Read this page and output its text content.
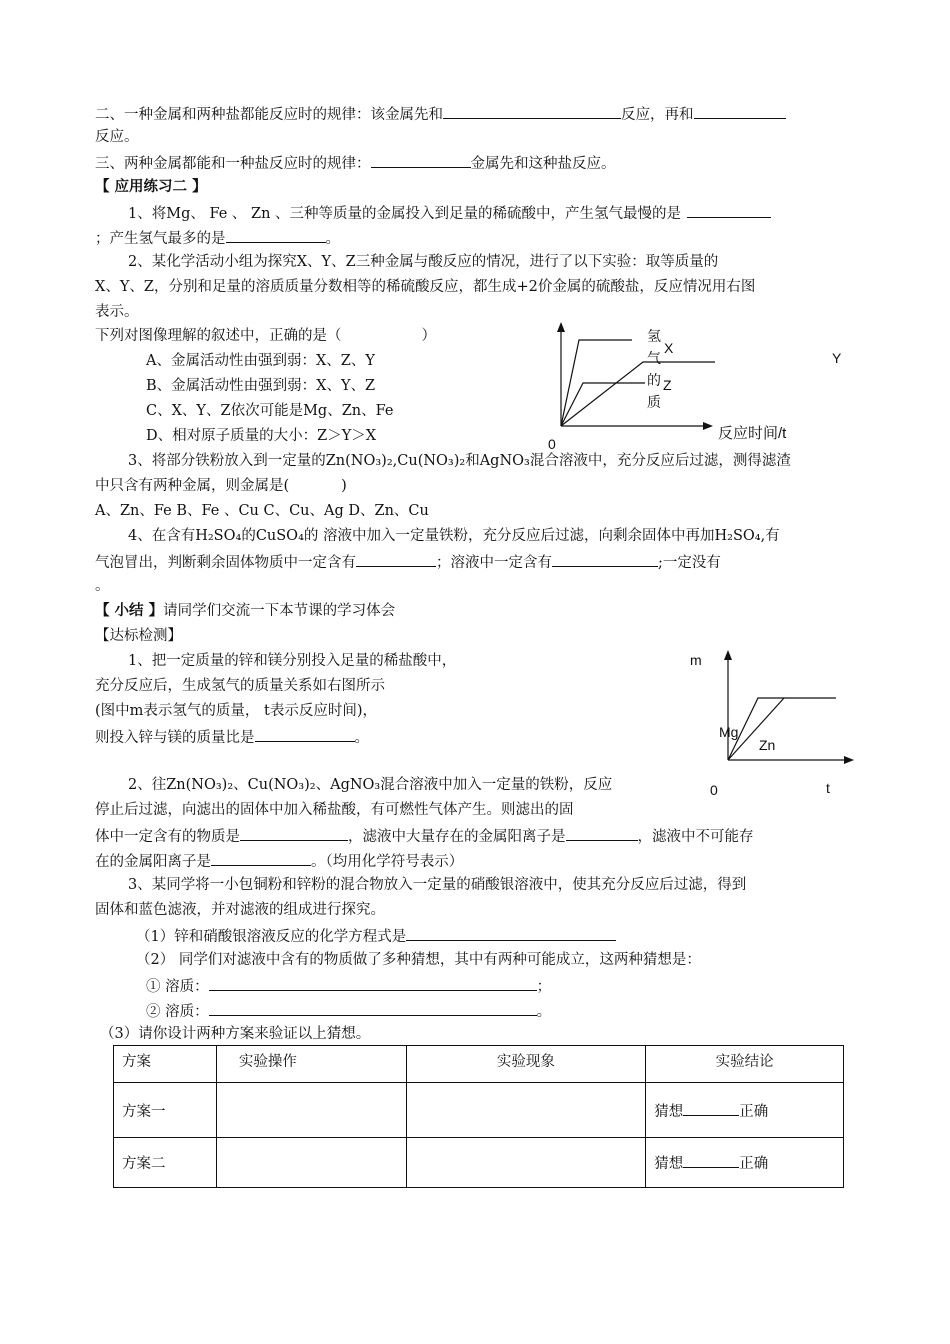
二、一种金属和两种盐都能反应时的规律：该金属先和	反应，再和
反应。
三、两种金属都能和一种盐反应时的规律：	金属先和这种盐反应。
【 应用练习二 】
1、将Mg、 Fe 、 Zn 、三种等质量的金属投入到足量的稀硫酸中，产生氢气最慢的是
；产生氢气最多的是	。
2、某化学活动小组为探究X、Y、Z三种金属与酸反应的情况，进行了以下实验：取等质量的
X、Y、Z，分别和足量的溶质质量分数相等的稀硫酸反应，都生成+2价金属的硫酸盐，反应情况用右图
表示。
下列对图像理解的叙述中，正确的是（	）
A、金属活动性由强到弱：X、Z、Y
B、金属活动性由强到弱：X、Y、Z
C、X、Y、Z依次可能是Mg、Zn、Fe
D、相对原子质量的大小：Z＞Y＞X
氢气的质
X
Y
Z
0
反应时间/t
3、将部分铁粉放入到一定量的Zn(NO₃)₂,Cu(NO₃)₂和AgNO₃混合溶液中，充分反应后过滤，测得滤渣
中只含有两种金属，则金属是(	)
A、Zn、Fe B、Fe 、Cu C、Cu、Ag D、Zn、Cu
4、在含有H₂SO₄的CuSO₄的 溶液中加入一定量铁粉，充分反应后过滤，向剩余固体中再加H₂SO₄,有
气泡冒出，判断剩余固体物质中一定含有	；溶液中一定含有	;一定没有
。
【 小结 】请同学们交流一下本节课的学习体会
【达标检测】
1、把一定质量的锌和镁分别投入足量的稀盐酸中，
充分反应后，生成氢气的质量关系如右图所示
(图中m表示氢气的质量， t表示反应时间)，
则投入锌与镁的质量比是	。
m
Mg
Zn
0	t
2、往Zn(NO₃)₂、Cu(NO₃)₂、AgNO₃混合溶液中加入一定量的铁粉，反应
停止后过滤，向滤出的固体中加入稀盐酸，有可燃性气体产生。则滤出的固
体中一定含有的物质是	，滤液中大量存在的金属阳离子是	，滤液中不可能存
在的金属阳离子是	。（均用化学符号表示）
3、某同学将一小包铜粉和锌粉的混合物放入一定量的硝酸银溶液中，使其充分反应后过滤，得到
固体和蓝色滤液，并对滤液的组成进行探究。
（1）锌和硝酸银溶液反应的化学方程式是
（2） 同学们对滤液中含有的物质做了多种猜想，其中有两种可能成立，这两种猜想是：
① 溶质：	；
② 溶质：	。
（3）请你设计两种方案来验证以上猜想。
方案	实验操作	实验现象	实验结论
方案一			猜想 正确
方案二			猜想 正确
